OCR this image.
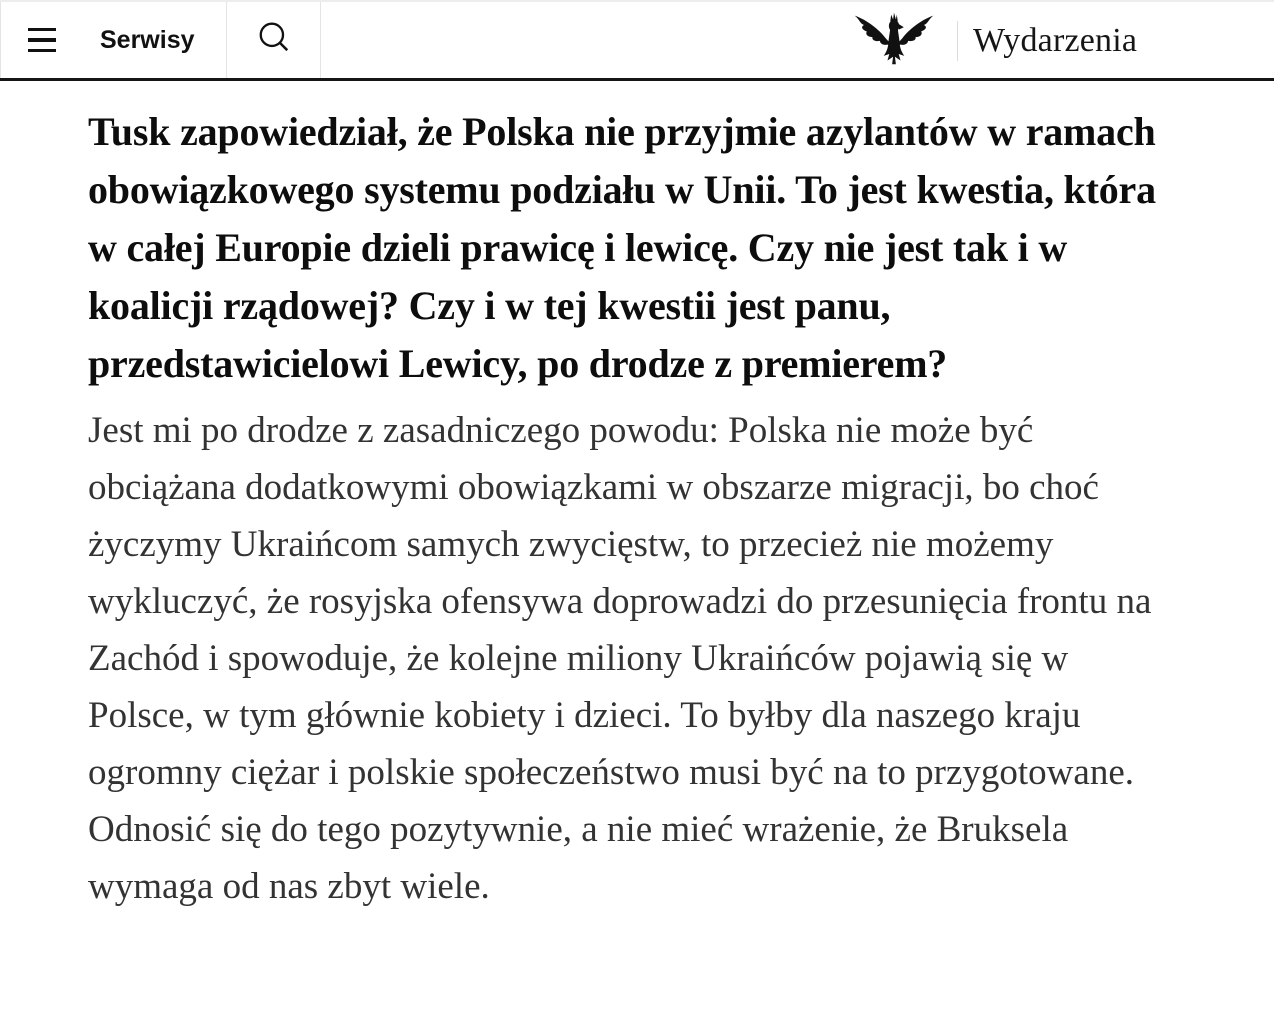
Serwisy	Wydarzenia
Tusk zapowiedział, że Polska nie przyjmie azylantów w ramach obowiązkowego systemu podziału w Unii. To jest kwestia, która w całej Europie dzieli prawicę i lewicę. Czy nie jest tak i w koalicji rządowej? Czy i w tej kwestii jest panu, przedstawicielowi Lewicy, po drodze z premierem?

Jest mi po drodze z zasadniczego powodu: Polska nie może być obciążana dodatkowymi obowiązkami w obszarze migracji, bo choć życzymy Ukraińcom samych zwycięstw, to przecież nie możemy wykluczyć, że rosyjska ofensywa doprowadzi do przesunięcia frontu na Zachód i spowoduje, że kolejne miliony Ukraińców pojawią się w Polsce, w tym głównie kobiety i dzieci. To byłby dla naszego kraju ogromny ciężar i polskie społeczeństwo musi być na to przygotowane. Odnosić się do tego pozytywnie, a nie mieć wrażenie, że Bruksela wymaga od nas zbyt wiele.
